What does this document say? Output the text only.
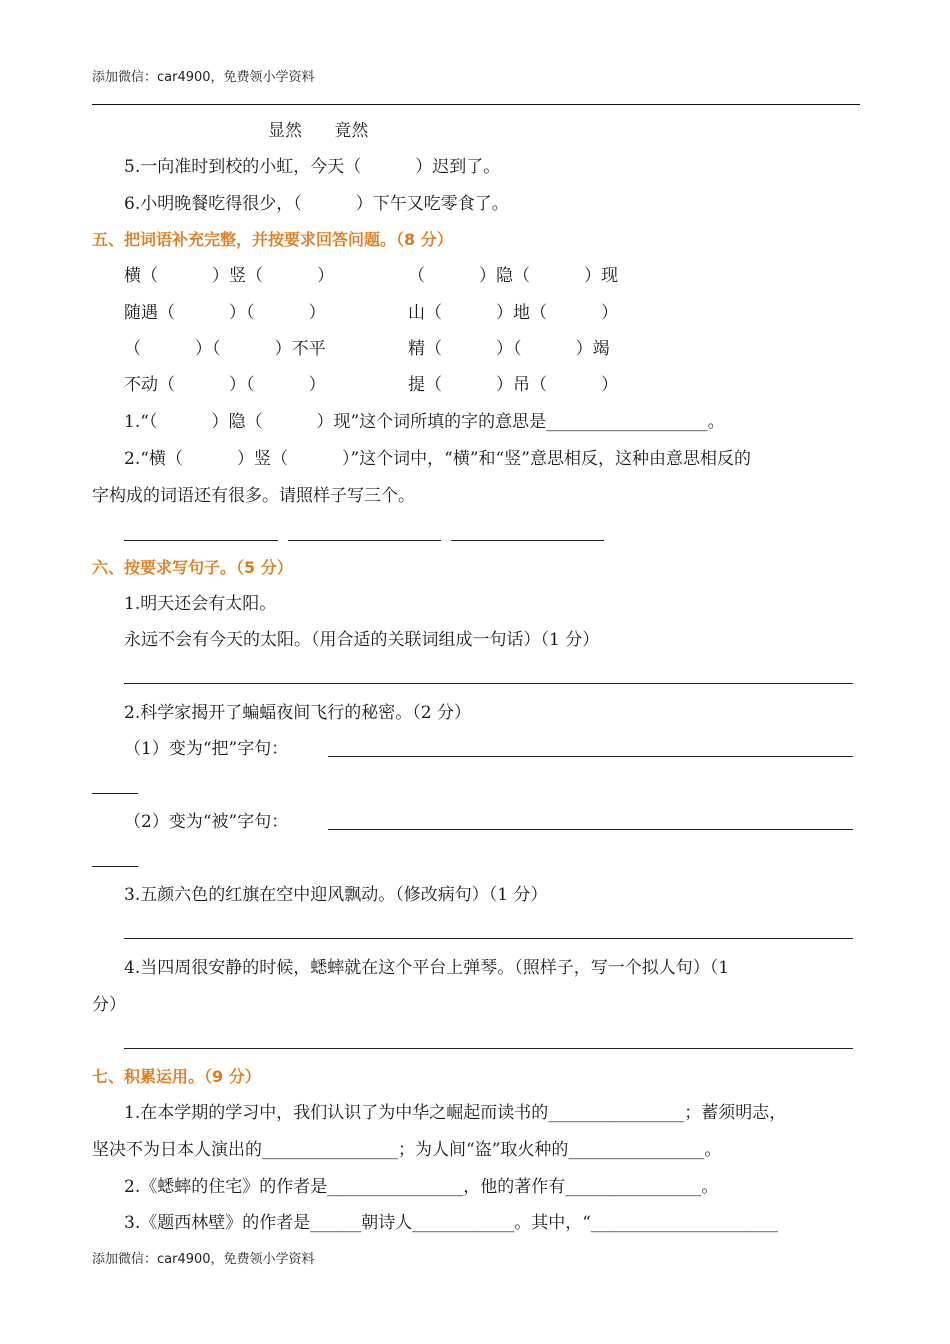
添加微信：car4900，免费领小学资料
显然      竟然
5.一向准时到校的小虹，今天（          ）迟到了。
6.小明晚餐吃得很少，（          ）下午又吃零食了。
五、把词语补充完整，并按要求回答问题。（8 分）
横（          ）竖（          ）	（          ）隐（          ）现
随遇（          ）（          ）	山（          ）地（          ）
（          ）（          ）不平	精（          ）（          ）竭
不动（          ）（          ）	提（          ）吊（          ）
1.“（          ）隐（          ）现”这个词所填的字的意思是___________________。
2.“横（          ）竖（          ）”这个词中，“横”和“竖”意思相反，这种由意思相反的
字构成的词语还有很多。请照样子写三个。
六、按要求写句子。（5 分）
1.明天还会有太阳。
永远不会有今天的太阳。（用合适的关联词组成一句话）（1 分）
2.科学家揭开了蝙蝠夜间飞行的秘密。（2 分）
（1）变为“把”字句：
（2）变为“被”字句：
3.五颜六色的红旗在空中迎风飘动。（修改病句）（1 分）
4.当四周很安静的时候，蟋蟀就在这个平台上弹琴。（照样子，写一个拟人句）（1
分）
七、积累运用。（9 分）
1.在本学期的学习中，我们认识了为中华之崛起而读书的________________；蓄须明志，
坚决不为日本人演出的________________；为人间“盗”取火种的________________。
2.《蟋蟀的住宅》的作者是________________，他的著作有________________。
3.《题西林壁》的作者是______朝诗人____________。其中，“______________________
添加微信：car4900，免费领小学资料
